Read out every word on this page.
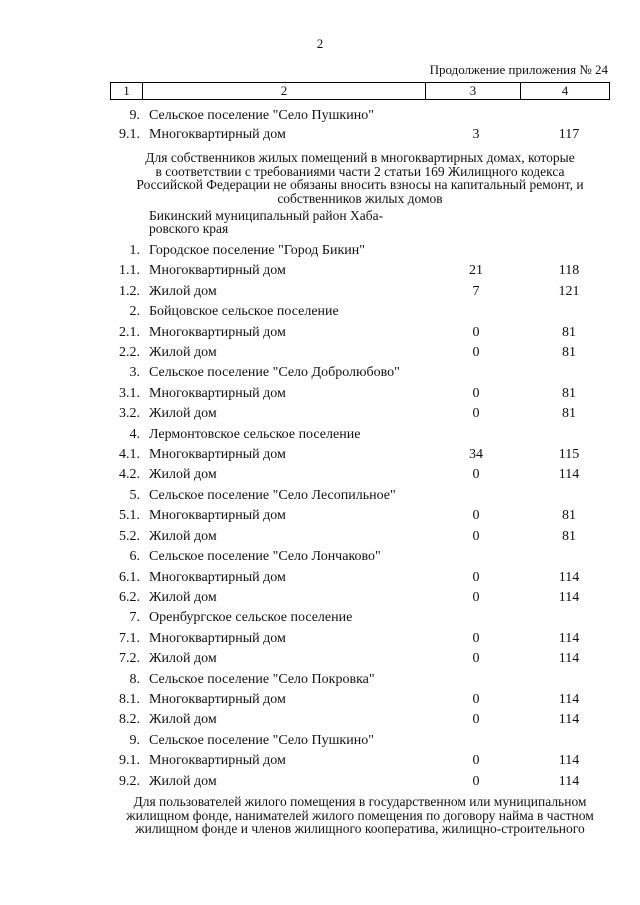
2
Продолжение приложения № 24
1	2	3	4
9. Сельское поселение "Село Пушкино"
9.1. Многоквартирный дом	3	117
Для собственников жилых помещений в многоквартирных домах, которые
в соответствии с требованиями части 2 статьи 169 Жилищного кодекса
Российской Федерации не обязаны вносить взносы на капитальный ремонт, и
собственников жилых домов
Бикинский муниципальный район Хаба-
ровского края
1. Городское поселение "Город Бикин"
1.1. Многоквартирный дом	21	118
1.2. Жилой дом	7	121
2. Бойцовское сельское поселение
2.1. Многоквартирный дом	0	81
2.2. Жилой дом	0	81
3. Сельское поселение "Село Добролюбово"
3.1. Многоквартирный дом	0	81
3.2. Жилой дом	0	81
4. Лермонтовское сельское поселение
4.1. Многоквартирный дом	34	115
4.2. Жилой дом	0	114
5. Сельское поселение "Село Лесопильное"
5.1. Многоквартирный дом	0	81
5.2. Жилой дом	0	81
6. Сельское поселение "Село Лончаково"
6.1. Многоквартирный дом	0	114
6.2. Жилой дом	0	114
7. Оренбургское сельское поселение
7.1. Многоквартирный дом	0	114
7.2. Жилой дом	0	114
8. Сельское поселение "Село Покровка"
8.1. Многоквартирный дом	0	114
8.2. Жилой дом	0	114
9. Сельское поселение "Село Пушкино"
9.1. Многоквартирный дом	0	114
9.2. Жилой дом	0	114
Для пользователей жилого помещения в государственном или муниципальном
жилищном фонде, нанимателей жилого помещения по договору найма в частном
жилищном фонде и членов жилищного кооператива, жилищно-строительного
